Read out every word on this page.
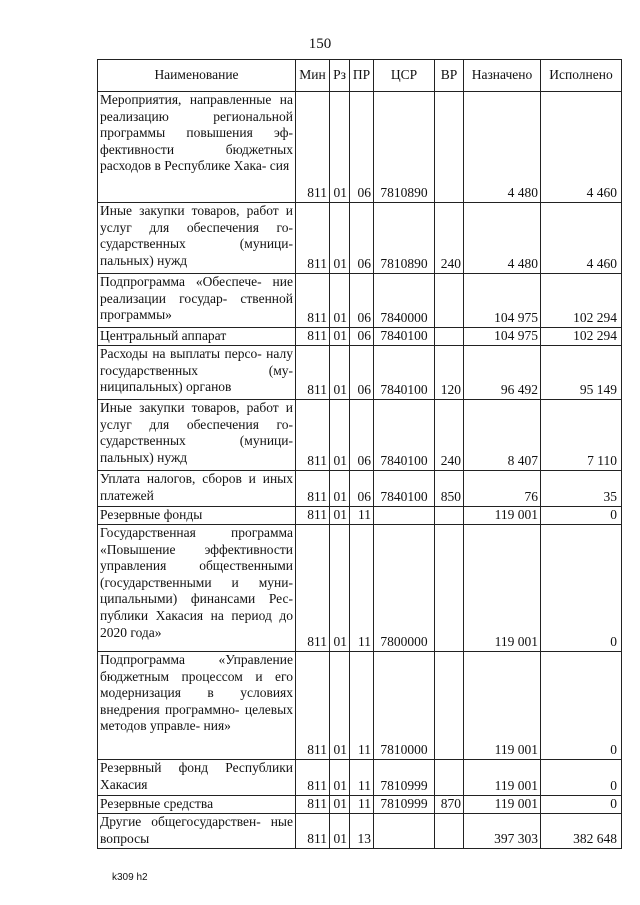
150
Наименование	Мин	Рз	ПР	ЦСР	ВР	Назначено	Исполнено
Мероприятия, направленные на реализацию региональной программы повышения эф- фективности бюджетных расходов в Республике Хака- сия	811	01	06	7810890		4 480	4 460
Иные закупки товаров, работ и услуг для обеспечения го- сударственных (муници- пальных) нужд	811	01	06	7810890	240	4 480	4 460
Подпрограмма «Обеспече- ние реализации государ- ственной программы»	811	01	06	7840000		104 975	102 294
Центральный аппарат	811	01	06	7840100		104 975	102 294
Расходы на выплаты персо- налу государственных (му- ниципальных) органов	811	01	06	7840100	120	96 492	95 149
Иные закупки товаров, работ и услуг для обеспечения го- сударственных (муници- пальных) нужд	811	01	06	7840100	240	8 407	7 110
Уплата налогов, сборов и иных платежей	811	01	06	7840100	850	76	35
Резервные фонды	811	01	11			119 001	0
Государственная программа «Повышение эффективности управления общественными (государственными и муни- ципальными) финансами Рес- публики Хакасия на период до 2020 года»	811	01	11	7800000		119 001	0
Подпрограмма «Управление бюджетным процессом и его модернизация в условиях внедрения программно- целевых методов управле- ния»	811	01	11	7810000		119 001	0
Резервный фонд Республики Хакасия	811	01	11	7810999		119 001	0
Резервные средства	811	01	11	7810999	870	119 001	0
Другие общегосударствен- ные вопросы	811	01	13			397 303	382 648
k309 h2
